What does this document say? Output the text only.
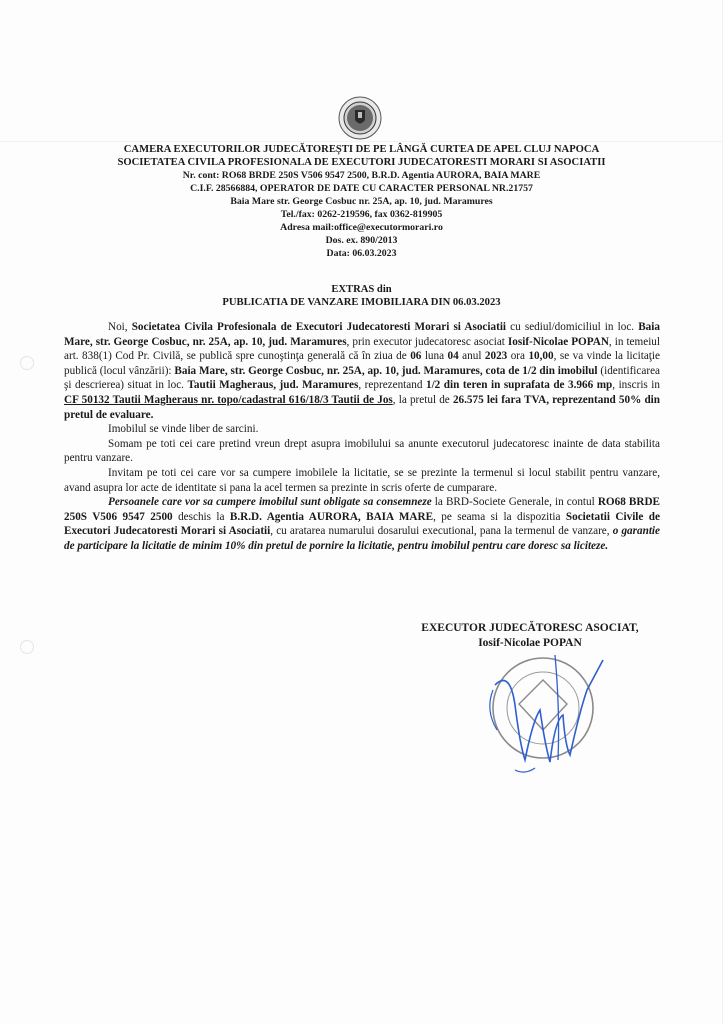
CAMERA EXECUTORILOR JUDECĂTOREȘTI DE PE LÂNGĂ CURTEA DE APEL CLUJ NAPOCA
SOCIETATEA CIVILA PROFESIONALA DE EXECUTORI JUDECATORESTI MORARI SI ASOCIATII
Nr. cont: RO68 BRDE 250S V506 9547 2500, B.R.D. Agentia AURORA, BAIA MARE
C.I.F. 28566884, OPERATOR DE DATE CU CARACTER PERSONAL NR.21757
Baia Mare str. George Cosbuc nr. 25A, ap. 10, jud. Maramures
Tel./fax: 0262-219596, fax 0362-819905
Adresa mail:office@executormorari.ro
Dos. ex. 890/2013
Data: 06.03.2023
EXTRAS din
PUBLICATIA DE VANZARE IMOBILIARA DIN 06.03.2023

Noi, Societatea Civila Profesionala de Executori Judecatoresti Morari si Asociatii cu sediul/domiciliul in loc. Baia Mare, str. George Cosbuc, nr. 25A, ap. 10, jud. Maramures, prin executor judecatoresc asociat Iosif-Nicolae POPAN, in temeiul art. 838(1) Cod Pr. Civilă, se publică spre cunoştinţa generală că în ziua de 06 luna 04 anul 2023 ora 10,00, se va vinde la licitaţie publică (locul vânzării): Baia Mare, str. George Cosbuc, nr. 25A, ap. 10, jud. Maramures, cota de 1/2 din imobilul (identificarea şi descrierea) situat in loc. Tautii Magheraus, jud. Maramures, reprezentand 1/2 din teren in suprafata de 3.966 mp, inscris in CF 50132 Tautii Magheraus nr. topo/cadastral 616/18/3 Tautii de Jos, la pretul de 26.575 lei fara TVA, reprezentand 50% din pretul de evaluare.

Imobilul se vinde liber de sarcini.

Somam pe toti cei care pretind vreun drept asupra imobilului sa anunte executorul judecatoresc inainte de data stabilita pentru vanzare.

Invitam pe toti cei care vor sa cumpere imobilele la licitatie, se se prezinte la termenul si locul stabilit pentru vanzare, avand asupra lor acte de identitate si pana la acel termen sa prezinte in scris oferte de cumparare.

Persoanele care vor sa cumpere imobilul sunt obligate sa consemneze la BRD-Societe Generale, in contul RO68 BRDE 250S V506 9547 2500 deschis la B.R.D. Agentia AURORA, BAIA MARE, pe seama si la dispozitia Societatii Civile de Executori Judecatoresti Morari si Asociatii, cu aratarea numarului dosarului executional, pana la termenul de vanzare, o garantie de participare la licitatie de minim 10% din pretul de pornire la licitatie, pentru imobilul pentru care doresc sa liciteze.

EXECUTOR JUDECĂTORESC ASOCIAT,
Iosif-Nicolae POPAN
